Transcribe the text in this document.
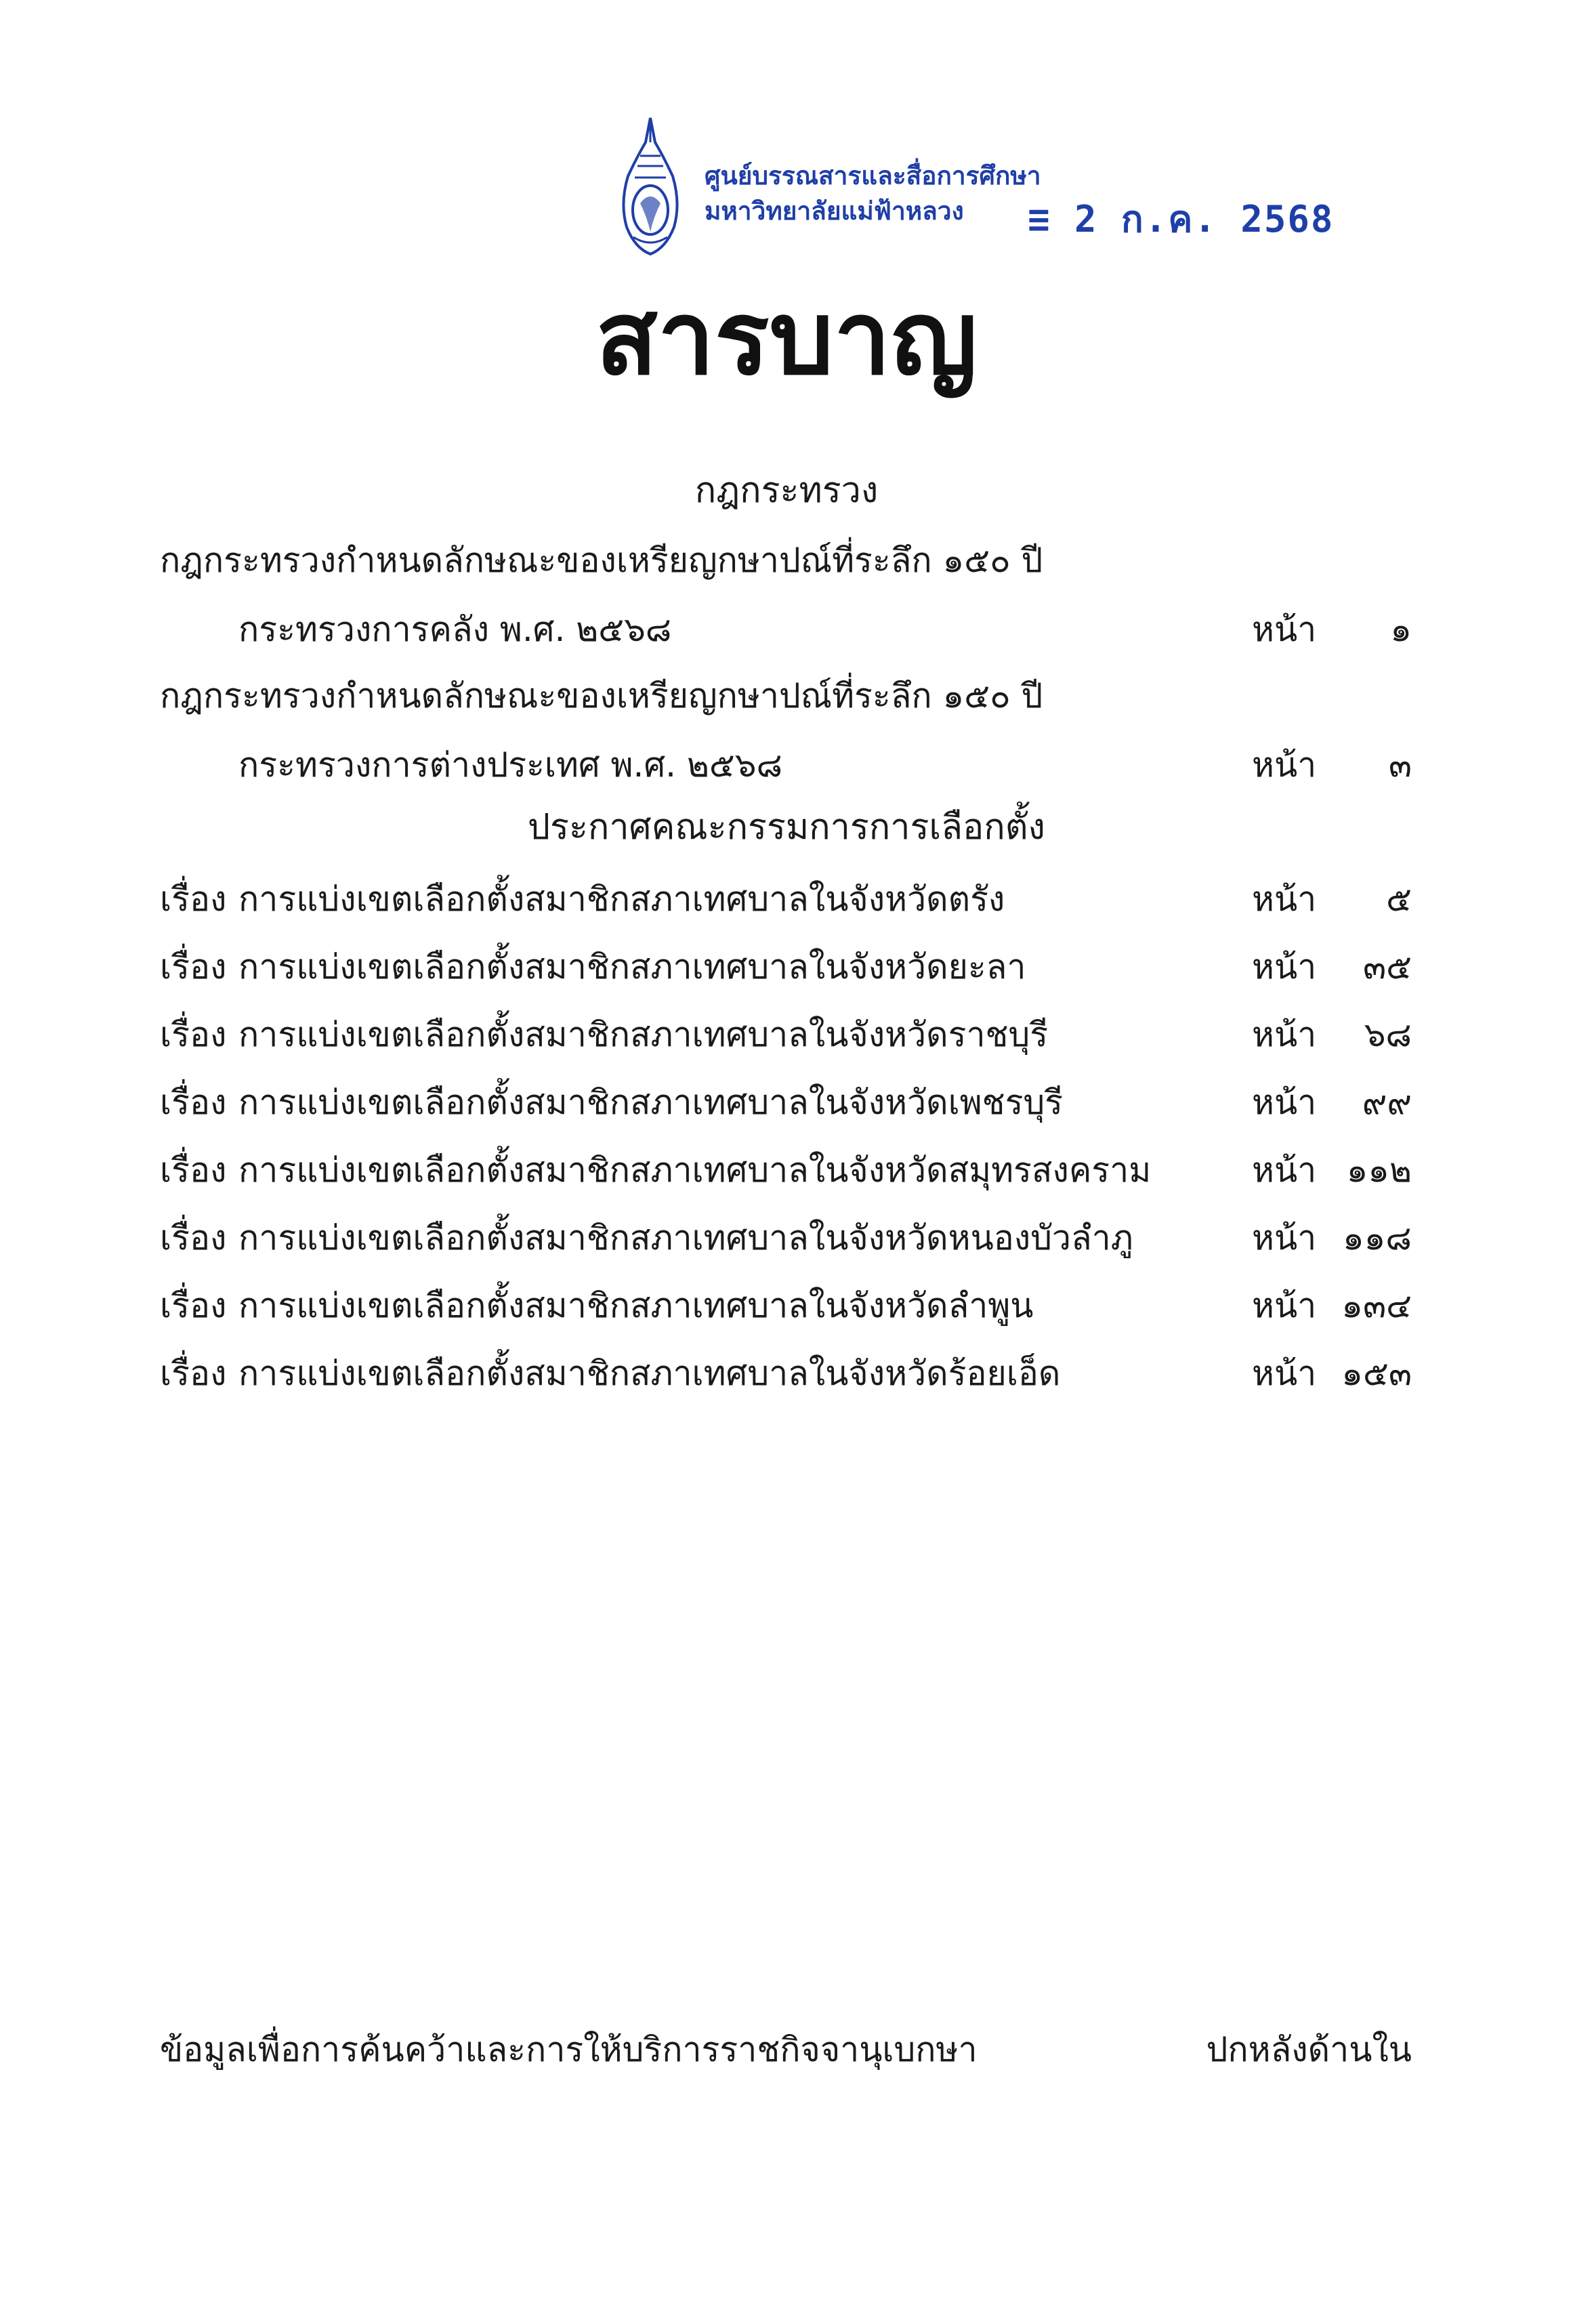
ศูนย์บรรณสารและสื่อการศึกษา
มหาวิทยาลัยแม่ฟ้าหลวง ≡ 2 ก.ค. 2568
สารบาญ
กฎกระทรวง
กฎกระทรวงกำหนดลักษณะของเหรียญกษาปณ์ที่ระลึก ๑๕๐ ปี
กระทรวงการคลัง พ.ศ. ๒๕๖๘	หน้า ๑
กฎกระทรวงกำหนดลักษณะของเหรียญกษาปณ์ที่ระลึก ๑๕๐ ปี
กระทรวงการต่างประเทศ พ.ศ. ๒๕๖๘	หน้า ๓
ประกาศคณะกรรมการการเลือกตั้ง
เรื่อง การแบ่งเขตเลือกตั้งสมาชิกสภาเทศบาลในจังหวัดตรัง	หน้า ๕
เรื่อง การแบ่งเขตเลือกตั้งสมาชิกสภาเทศบาลในจังหวัดยะลา	หน้า ๓๕
เรื่อง การแบ่งเขตเลือกตั้งสมาชิกสภาเทศบาลในจังหวัดราชบุรี	หน้า ๖๘
เรื่อง การแบ่งเขตเลือกตั้งสมาชิกสภาเทศบาลในจังหวัดเพชรบุรี	หน้า ๙๙
เรื่อง การแบ่งเขตเลือกตั้งสมาชิกสภาเทศบาลในจังหวัดสมุทรสงคราม	หน้า ๑๑๒
เรื่อง การแบ่งเขตเลือกตั้งสมาชิกสภาเทศบาลในจังหวัดหนองบัวลำภู	หน้า ๑๑๘
เรื่อง การแบ่งเขตเลือกตั้งสมาชิกสภาเทศบาลในจังหวัดลำพูน	หน้า ๑๓๔
เรื่อง การแบ่งเขตเลือกตั้งสมาชิกสภาเทศบาลในจังหวัดร้อยเอ็ด	หน้า ๑๕๓
ข้อมูลเพื่อการค้นคว้าและการให้บริการราชกิจจานุเบกษา	ปกหลังด้านใน
